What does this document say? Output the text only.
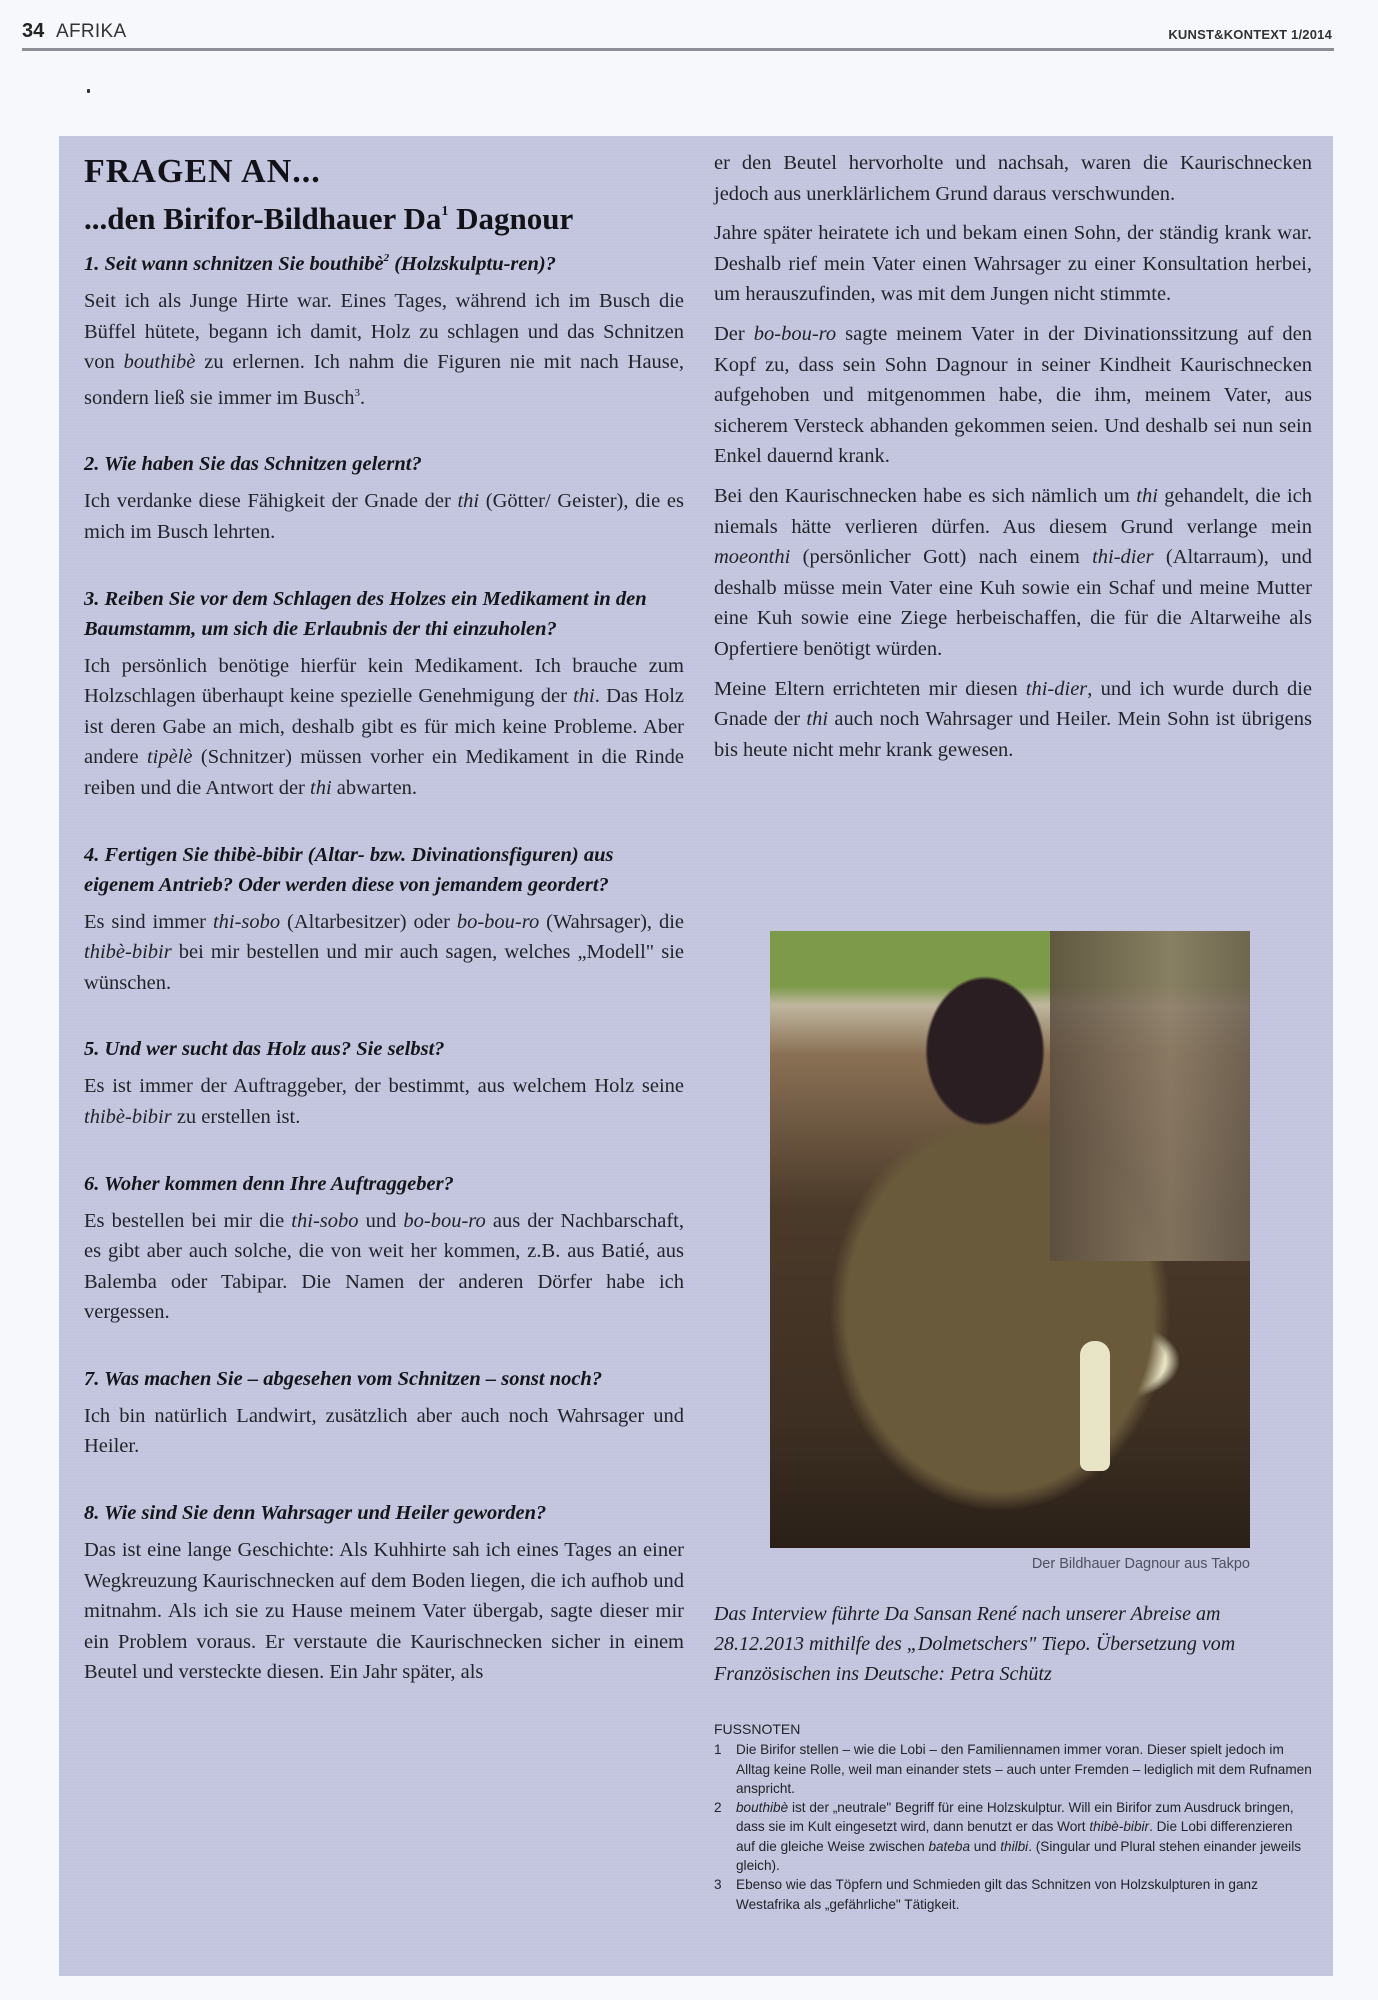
34 AFRIKA	KUNST&KONTEXT 1/2014
FRAGEN AN...
...den Birifor-Bildhauer Da$^1$ Dagnour

1. Seit wann schnitzen Sie bouthibè$^2$ (Holzskulptu-ren)?

Seit ich als Junge Hirte war. Eines Tages, während ich im Busch die Büffel hütete, begann ich damit, Holz zu schlagen und das Schnitzen von bouthibè zu erlernen. Ich nahm die Figuren nie mit nach Hause, sondern ließ sie immer im Busch$^3$.

2. Wie haben Sie das Schnitzen gelernt?

Ich verdanke diese Fähigkeit der Gnade der thi (Götter/ Geister), die es mich im Busch lehrten.

3. Reiben Sie vor dem Schlagen des Holzes ein Medikament in den Baumstamm, um sich die Erlaubnis der thi einzuholen?

Ich persönlich benötige hierfür kein Medikament. Ich brauche zum Holzschlagen überhaupt keine spezielle Genehmigung der thi. Das Holz ist deren Gabe an mich, deshalb gibt es für mich keine Probleme. Aber andere tipèlè (Schnitzer) müssen vorher ein Medikament in die Rinde reiben und die Antwort der thi abwarten.

4. Fertigen Sie thibè-bibir (Altar- bzw. Divinationsfiguren) aus eigenem Antrieb? Oder werden diese von jemandem geordert?

Es sind immer thi-sobo (Altarbesitzer) oder bo-bou-ro (Wahrsager), die thibè-bibir bei mir bestellen und mir auch sagen, welches „Modell" sie wünschen.

5. Und wer sucht das Holz aus? Sie selbst?

Es ist immer der Auftraggeber, der bestimmt, aus welchem Holz seine thibè-bibir zu erstellen ist.

6. Woher kommen denn Ihre Auftraggeber?

Es bestellen bei mir die thi-sobo und bo-bou-ro aus der Nachbarschaft, es gibt aber auch solche, die von weit her kommen, z.B. aus Batié, aus Balemba oder Tabipar. Die Namen der anderen Dörfer habe ich vergessen.

7. Was machen Sie – abgesehen vom Schnitzen – sonst noch?

Ich bin natürlich Landwirt, zusätzlich aber auch noch Wahrsager und Heiler.

8. Wie sind Sie denn Wahrsager und Heiler geworden?

Das ist eine lange Geschichte: Als Kuhhirte sah ich eines Tages an einer Wegkreuzung Kaurischnecken auf dem Boden liegen, die ich aufhob und mitnahm. Als ich sie zu Hause meinem Vater übergab, sagte dieser mir ein Problem voraus. Er verstaute die Kaurischnecken sicher in einem Beutel und versteckte diesen. Ein Jahr später, als

er den Beutel hervorholte und nachsah, waren die Kaurischnecken jedoch aus unerklärlichem Grund daraus verschwunden.

Jahre später heiratete ich und bekam einen Sohn, der ständig krank war. Deshalb rief mein Vater einen Wahrsager zu einer Konsultation herbei, um herauszufinden, was mit dem Jungen nicht stimmte.

Der bo-bou-ro sagte meinem Vater in der Divinationssitzung auf den Kopf zu, dass sein Sohn Dagnour in seiner Kindheit Kaurischnecken aufgehoben und mitgenommen habe, die ihm, meinem Vater, aus sicherem Versteck abhanden gekommen seien. Und deshalb sei nun sein Enkel dauernd krank.

Bei den Kaurischnecken habe es sich nämlich um thi gehandelt, die ich niemals hätte verlieren dürfen. Aus diesem Grund verlange mein moeonthi (persönlicher Gott) nach einem thi-dier (Altarraum), und deshalb müsse mein Vater eine Kuh sowie ein Schaf und meine Mutter eine Kuh sowie eine Ziege herbeischaffen, die für die Altarweihe als Opfertiere benötigt würden.

Meine Eltern errichteten mir diesen thi-dier, und ich wurde durch die Gnade der thi auch noch Wahrsager und Heiler. Mein Sohn ist übrigens bis heute nicht mehr krank gewesen.

Der Bildhauer Dagnour aus Takpo
Das Interview führte Da Sansan René nach unserer Abreise am 28.12.2013 mithilfe des „Dolmetschers" Tiepo. Übersetzung vom Französischen ins Deutsche: Petra Schütz
FUSSNOTEN
1 Die Birifor stellen – wie die Lobi – den Familiennamen immer voran. Dieser spielt jedoch im Alltag keine Rolle, weil man einander stets – auch unter Fremden – lediglich mit dem Rufnamen anspricht.
2 bouthibè ist der „neutrale" Begriff für eine Holzskulptur. Will ein Birifor zum Ausdruck bringen, dass sie im Kult eingesetzt wird, dann benutzt er das Wort thibè-bibir. Die Lobi differenzieren auf die gleiche Weise zwischen bateba und thilbi. (Singular und Plural stehen einander jeweils gleich).
3 Ebenso wie das Töpfern und Schmieden gilt das Schnitzen von Holzskulpturen in ganz Westafrika als „gefährliche" Tätigkeit.
